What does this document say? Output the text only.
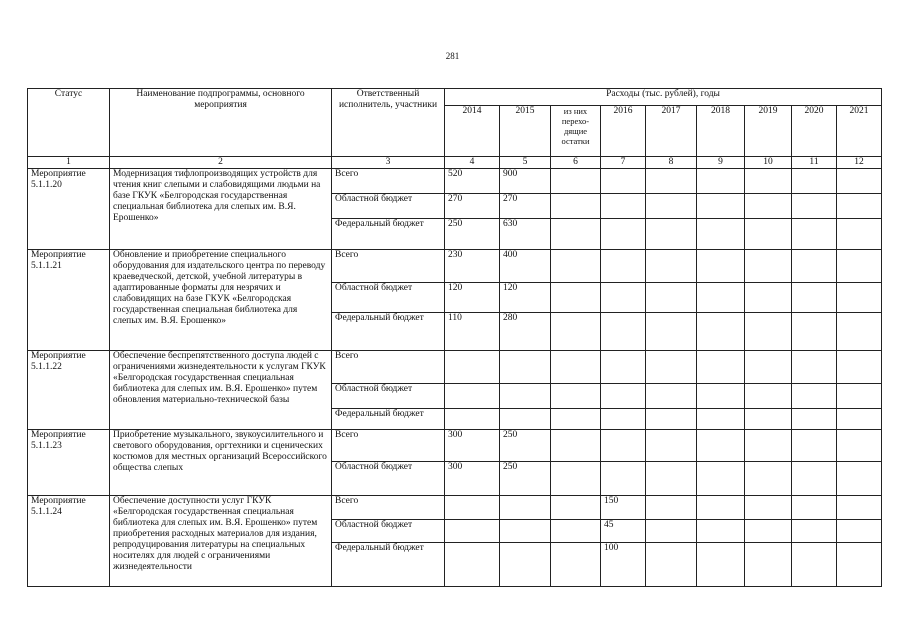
281
Статус	Наименование подпрограммы, основного мероприятия	Ответственный исполнитель, участники	Расходы (тыс. рублей), годы								
			2014	2015	из них перехо-дящие остатки	2016	2017	2018	2019	2020	2021
1	2	3	4	5	6	7	8	9	10	11	12
Мероприятие 5.1.1.20	Модернизация тифлопроизводящих устройств для чтения книг слепыми и слабовидящими людьми на базе ГКУК «Белгородская государственная специальная библиотека для слепых им. В.Я. Ерошенко»	Всего	520	900							
		Областной бюджет	270	270							
		Федеральный бюджет	250	630							
Мероприятие 5.1.1.21	Обновление и приобретение специального оборудования для издательского центра по переводу краеведческой, детской, учебной литературы в адаптированные форматы для незрячих и слабовидящих на базе ГКУК «Белгородская государственная специальная библиотека для слепых им. В.Я. Ерошенко»	Всего	230	400							
		Областной бюджет	120	120							
		Федеральный бюджет	110	280							
Мероприятие 5.1.1.22	Обеспечение беспрепятственного доступа людей с ограничениями жизнедеятельности к услугам ГКУК «Белгородская государственная специальная библиотека для слепых им. В.Я. Ерошенко» путем обновления материально-технической базы	Всего									
		Областной бюджет									
		Федеральный бюджет									
Мероприятие 5.1.1.23	Приобретение музыкального, звукоусилительного и светового оборудования, оргтехники и сценических костюмов для местных организаций Всероссийского общества слепых	Всего	300	250							
		Областной бюджет	300	250							
Мероприятие 5.1.1.24	Обеспечение доступности услуг ГКУК «Белгородская государственная специальная библиотека для слепых им. В.Я. Ерошенко» путем приобретения расходных материалов для издания, репродуцирования литературы на специальных носителях для людей с ограничениями жизнедеятельности	Всего				150					
		Областной бюджет				45					
		Федеральный бюджет				100					
